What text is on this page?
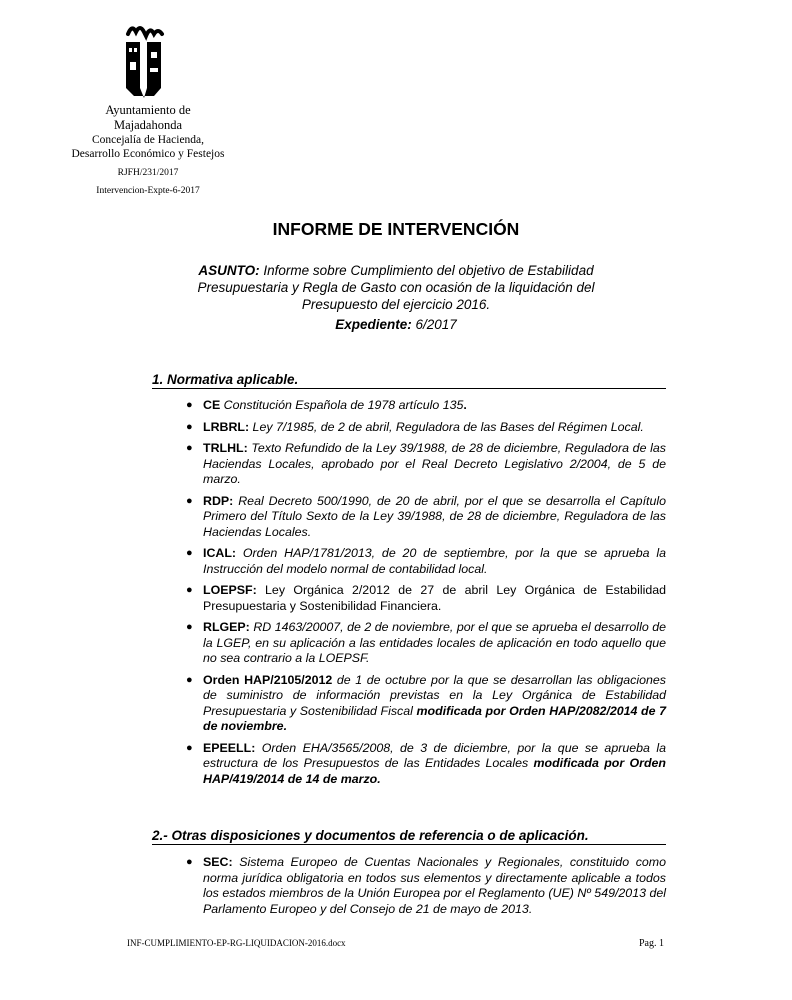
Ayuntamiento de
Majadahonda
Concejalía de Hacienda,
Desarrollo Económico y Festejos
RJFH/231/2017
Intervencion-Expte-6-2017
INFORME DE INTERVENCIÓN
ASUNTO: Informe sobre Cumplimiento del objetivo de Estabilidad Presupuestaria y Regla de Gasto con ocasión de la liquidación del Presupuesto del ejercicio 2016.
Expediente: 6/2017
1. Normativa aplicable.
● CE Constitución Española de 1978 artículo 135.
● LRBRL: Ley 7/1985, de 2 de abril, Reguladora de las Bases del Régimen Local.
● TRLHL: Texto Refundido de la Ley 39/1988, de 28 de diciembre, Reguladora de las Haciendas Locales, aprobado por el Real Decreto Legislativo 2/2004, de 5 de marzo.
● RDP: Real Decreto 500/1990, de 20 de abril, por el que se desarrolla el Capítulo Primero del Título Sexto de la Ley 39/1988, de 28 de diciembre, Reguladora de las Haciendas Locales.
● ICAL: Orden HAP/1781/2013, de 20 de septiembre, por la que se aprueba la Instrucción del modelo normal de contabilidad local.
● LOEPSF: Ley Orgánica 2/2012 de 27 de abril Ley Orgánica de Estabilidad Presupuestaria y Sostenibilidad Financiera.
● RLGEP: RD 1463/20007, de 2 de noviembre, por el que se aprueba el desarrollo de la LGEP, en su aplicación a las entidades locales de aplicación en todo aquello que no sea contrario a la LOEPSF.
● Orden HAP/2105/2012 de 1 de octubre por la que se desarrollan las obligaciones de suministro de información previstas en la Ley Orgánica de Estabilidad Presupuestaria y Sostenibilidad Fiscal modificada por Orden HAP/2082/2014 de 7 de noviembre.
● EPEELL: Orden EHA/3565/2008, de 3 de diciembre, por la que se aprueba la estructura de los Presupuestos de las Entidades Locales modificada por Orden HAP/419/2014 de 14 de marzo.
2.- Otras disposiciones y documentos de referencia o de aplicación.
● SEC: Sistema Europeo de Cuentas Nacionales y Regionales, constituido como norma jurídica obligatoria en todos sus elementos y directamente aplicable a todos los estados miembros de la Unión Europea por el Reglamento (UE) Nº 549/2013 del Parlamento Europeo y del Consejo de 21 de mayo de 2013.
INF-CUMPLIMIENTO-EP-RG-LIQUIDACION-2016.docx	Pag. 1
